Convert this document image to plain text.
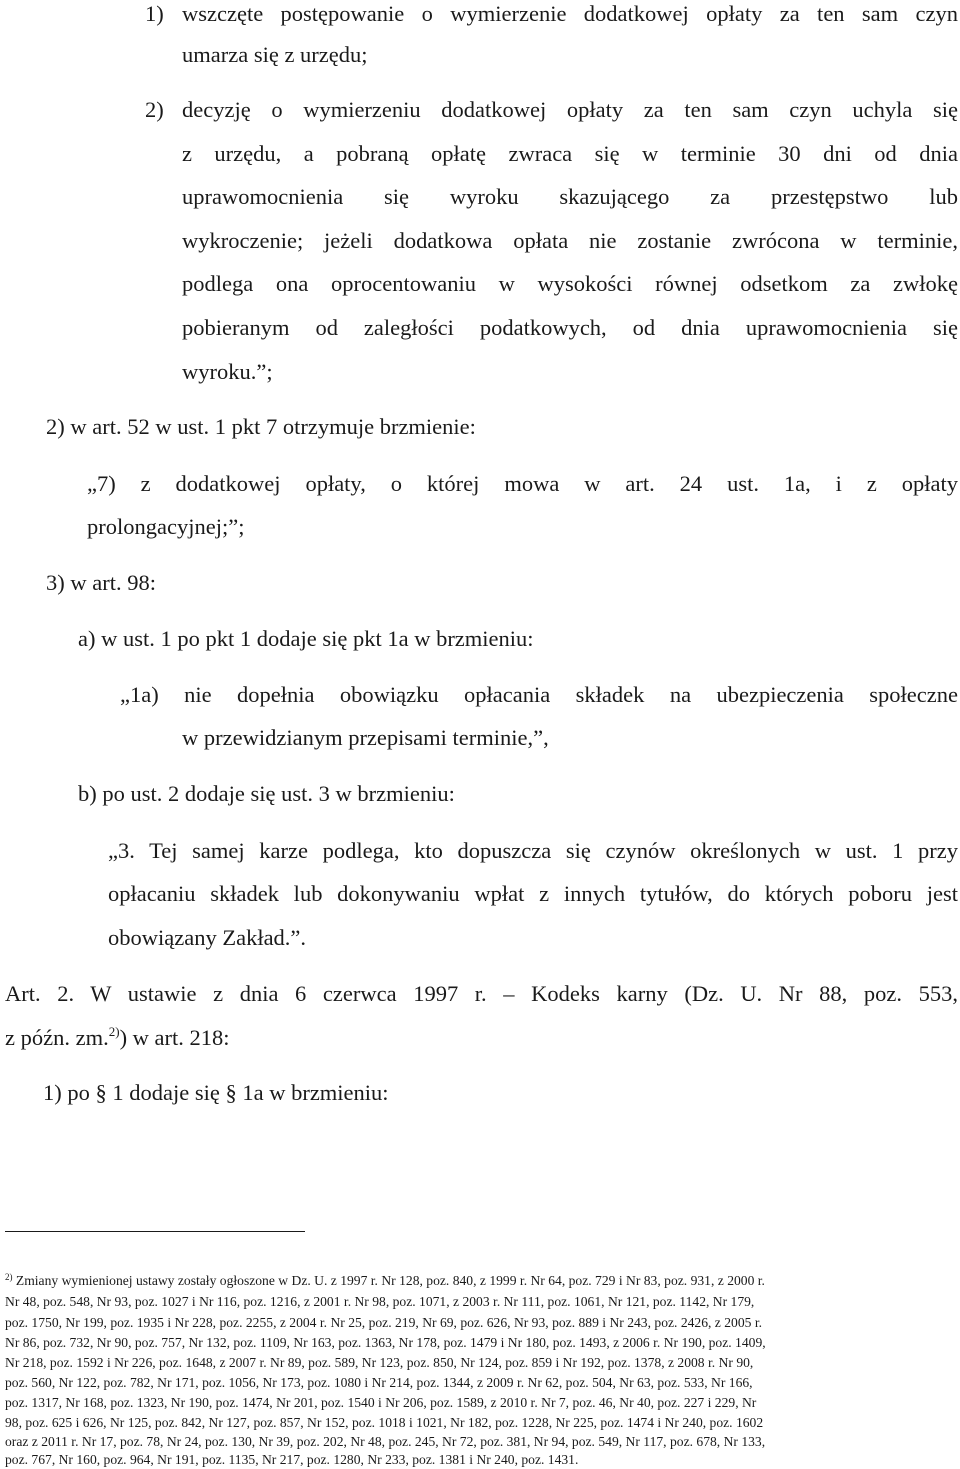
1) wszczęte postępowanie o wymierzenie dodatkowej opłaty za ten sam czyn
umarza się z urzędu;
2) decyzję o wymierzeniu dodatkowej opłaty za ten sam czyn uchyla się
z urzędu, a pobraną opłatę zwraca się w terminie 30 dni od dnia
uprawomocnienia się wyroku skazującego za przestępstwo lub
wykroczenie; jeżeli dodatkowa opłata nie zostanie zwrócona w terminie,
podlega ona oprocentowaniu w wysokości równej odsetkom za zwłokę
pobieranym od zaległości podatkowych, od dnia uprawomocnienia się
wyroku.”;
2) w art. 52 w ust. 1 pkt 7 otrzymuje brzmienie:
„7) z dodatkowej opłaty, o której mowa w art. 24 ust. 1a, i z opłaty
prolongacyjnej;”;
3) w art. 98:
a) w ust. 1 po pkt 1 dodaje się pkt 1a w brzmieniu:
„1a) nie dopełnia obowiązku opłacania składek na ubezpieczenia społeczne
w przewidzianym przepisami terminie,”,
b) po ust. 2 dodaje się ust. 3 w brzmieniu:
„3. Tej samej karze podlega, kto dopuszcza się czynów określonych w ust. 1 przy
opłacaniu składek lub dokonywaniu wpłat z innych tytułów, do których poboru jest
obowiązany Zakład.”.
Art. 2. W ustawie z dnia 6 czerwca 1997 r. – Kodeks karny (Dz. U. Nr 88, poz. 553,
z późn. zm.$^{2)}$) w art. 218:
1) po § 1 dodaje się § 1a w brzmieniu:
$^{2)}$ Zmiany wymienionej ustawy zostały ogłoszone w Dz. U. z 1997 r. Nr 128, poz. 840, z 1999 r. Nr 64, poz. 729 i Nr 83, poz. 931, z 2000 r.
Nr 48, poz. 548, Nr 93, poz. 1027 i Nr 116, poz. 1216, z 2001 r. Nr 98, poz. 1071, z 2003 r. Nr 111, poz. 1061, Nr 121, poz. 1142, Nr 179,
poz. 1750, Nr 199, poz. 1935 i Nr 228, poz. 2255, z 2004 r. Nr 25, poz. 219, Nr 69, poz. 626, Nr 93, poz. 889 i Nr 243, poz. 2426, z 2005 r.
Nr 86, poz. 732, Nr 90, poz. 757, Nr 132, poz. 1109, Nr 163, poz. 1363, Nr 178, poz. 1479 i Nr 180, poz. 1493, z 2006 r. Nr 190, poz. 1409,
Nr 218, poz. 1592 i Nr 226, poz. 1648, z 2007 r. Nr 89, poz. 589, Nr 123, poz. 850, Nr 124, poz. 859 i Nr 192, poz. 1378, z 2008 r. Nr 90,
poz. 560, Nr 122, poz. 782, Nr 171, poz. 1056, Nr 173, poz. 1080 i Nr 214, poz. 1344, z 2009 r. Nr 62, poz. 504, Nr 63, poz. 533, Nr 166,
poz. 1317, Nr 168, poz. 1323, Nr 190, poz. 1474, Nr 201, poz. 1540 i Nr 206, poz. 1589, z 2010 r. Nr 7, poz. 46, Nr 40, poz. 227 i 229, Nr
98, poz. 625 i 626, Nr 125, poz. 842, Nr 127, poz. 857, Nr 152, poz. 1018 i 1021, Nr 182, poz. 1228, Nr 225, poz. 1474 i Nr 240, poz. 1602
oraz z 2011 r. Nr 17, poz. 78, Nr 24, poz. 130, Nr 39, poz. 202, Nr 48, poz. 245, Nr 72, poz. 381, Nr 94, poz. 549, Nr 117, poz. 678, Nr 133,
poz. 767, Nr 160, poz. 964, Nr 191, poz. 1135, Nr 217, poz. 1280, Nr 233, poz. 1381 i Nr 240, poz. 1431.
